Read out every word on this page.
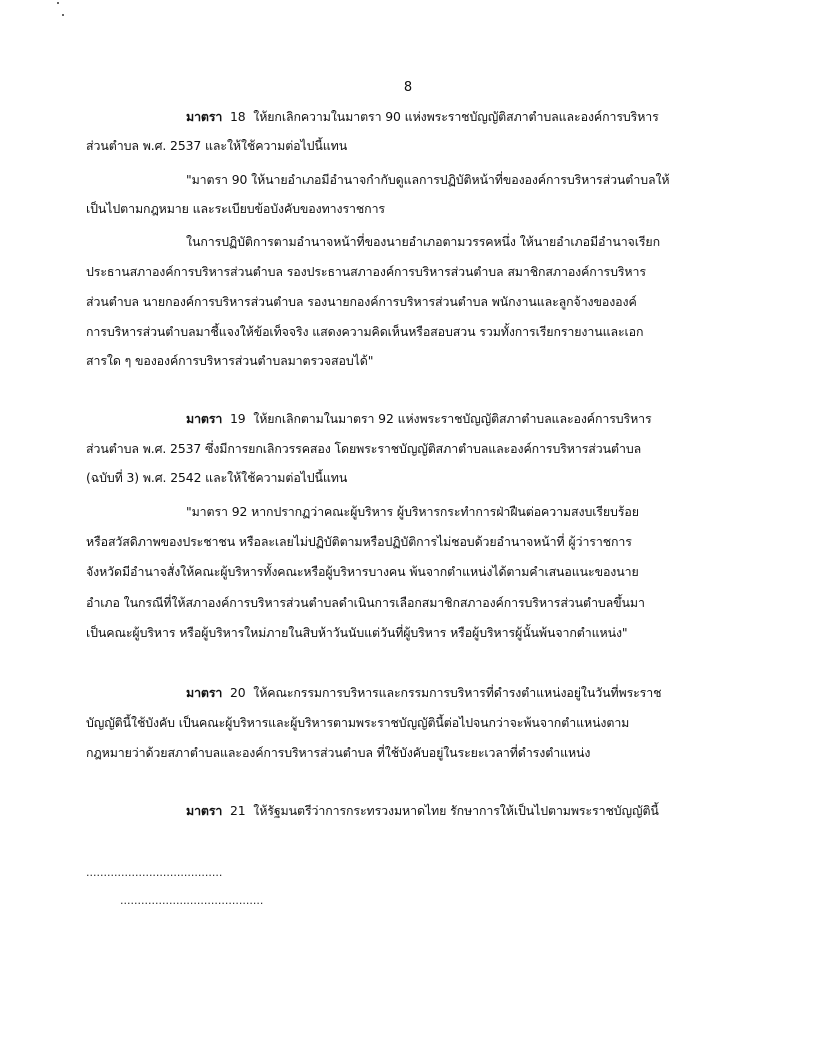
8
มาตรา 18 ให้ยกเลิกความในมาตรา 90 แห่งพระราชบัญญัติสภาตำบลและองค์การบริหาร
ส่วนตำบล พ.ศ. 2537 และให้ใช้ความต่อไปนี้แทน
"มาตรา 90 ให้นายอำเภอมีอำนาจกำกับดูแลการปฏิบัติหน้าที่ขององค์การบริหารส่วนตำบลให้
เป็นไปตามกฎหมาย และระเบียบข้อบังคับของทางราชการ
ในการปฏิบัติการตามอำนาจหน้าที่ของนายอำเภอตามวรรคหนึ่ง ให้นายอำเภอมีอำนาจเรียก
ประธานสภาองค์การบริหารส่วนตำบล รองประธานสภาองค์การบริหารส่วนตำบล สมาชิกสภาองค์การบริหาร
ส่วนตำบล นายกองค์การบริหารส่วนตำบล รองนายกองค์การบริหารส่วนตำบล พนักงานและลูกจ้างขององค์
การบริหารส่วนตำบลมาชี้แจงให้ข้อเท็จจริง แสดงความคิดเห็นหรือสอบสวน รวมทั้งการเรียกรายงานและเอก
สารใด ๆ ขององค์การบริหารส่วนตำบลมาตรวจสอบได้"
มาตรา 19 ให้ยกเลิกตามในมาตรา 92 แห่งพระราชบัญญัติสภาตำบลและองค์การบริหาร
ส่วนตำบล พ.ศ. 2537 ซึ่งมีการยกเลิกวรรคสอง โดยพระราชบัญญัติสภาตำบลและองค์การบริหารส่วนตำบล
(ฉบับที่ 3) พ.ศ. 2542 และให้ใช้ความต่อไปนี้แทน
"มาตรา 92 หากปรากฏว่าคณะผู้บริหาร ผู้บริหารกระทำการฝ่าฝืนต่อความสงบเรียบร้อย
หรือสวัสดิภาพของประชาชน หรือละเลยไม่ปฏิบัติตามหรือปฏิบัติการไม่ชอบด้วยอำนาจหน้าที่ ผู้ว่าราชการ
จังหวัดมีอำนาจสั่งให้คณะผู้บริหารทั้งคณะหรือผู้บริหารบางคน พ้นจากตำแหน่งได้ตามคำเสนอแนะของนาย
อำเภอ ในกรณีที่ให้สภาองค์การบริหารส่วนตำบลดำเนินการเลือกสมาชิกสภาองค์การบริหารส่วนตำบลขึ้นมา
เป็นคณะผู้บริหาร หรือผู้บริหารใหม่ภายในสิบห้าวันนับแต่วันที่ผู้บริหาร หรือผู้บริหารผู้นั้นพ้นจากตำแหน่ง"
มาตรา 20 ให้คณะกรรมการบริหารและกรรมการบริหารที่ดำรงตำแหน่งอยู่ในวันที่พระราช
บัญญัตินี้ใช้บังคับ เป็นคณะผู้บริหารและผู้บริหารตามพระราชบัญญัตินี้ต่อไปจนกว่าจะพ้นจากตำแหน่งตาม
กฎหมายว่าด้วยสภาตำบลและองค์การบริหารส่วนตำบล ที่ใช้บังคับอยู่ในระยะเวลาที่ดำรงตำแหน่ง
มาตรา 21 ให้รัฐมนตรีว่าการกระทรวงมหาดไทย รักษาการให้เป็นไปตามพระราชบัญญัตินี้
.......................................
.........................................
